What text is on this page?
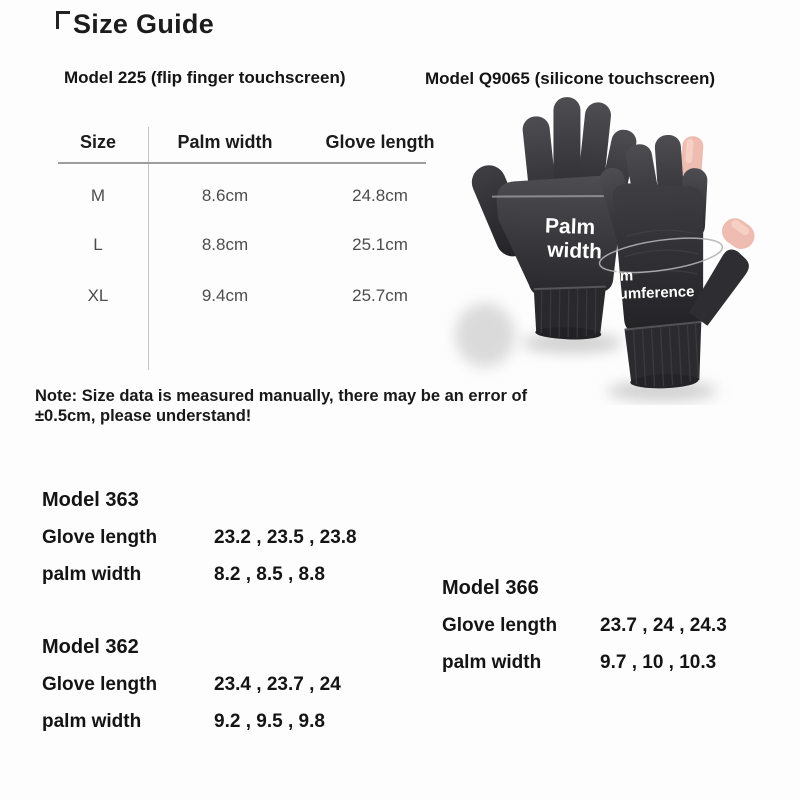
Size Guide
Model 225 (flip finger touchscreen)	Model Q9065 (silicone touchscreen)
Size	Palm width	Glove length
M	8.6cm	24.8cm
L	8.8cm	25.1cm
XL	9.4cm	25.7cm
Note: Size data is measured manually, there may be an error of
±0.5cm, please understand!
Palm
width
lm
cumference
Model 363
Glove length	23.2 , 23.5 , 23.8
palm width	8.2 , 8.5 , 8.8
Model 362
Glove length	23.4 , 23.7 , 24
palm width	9.2 , 9.5 , 9.8
Model 366
Glove length	23.7 , 24 , 24.3
palm width	9.7 , 10 , 10.3
